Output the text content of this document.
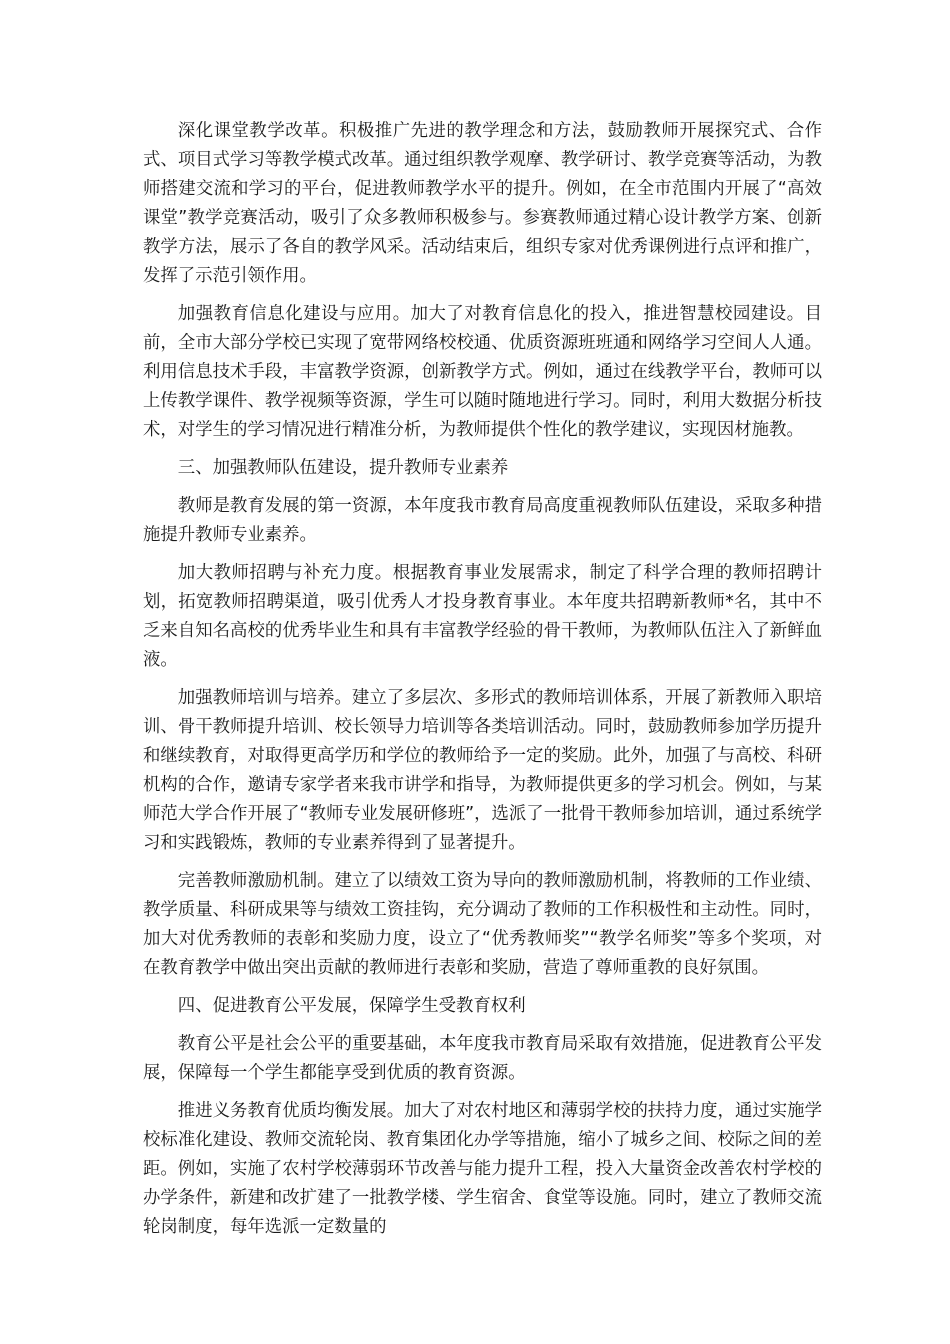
深化课堂教学改革。积极推广先进的教学理念和方法，鼓励教师开展探究式、合作式、项目式学习等教学模式改革。通过组织教学观摩、教学研讨、教学竞赛等活动，为教师搭建交流和学习的平台，促进教师教学水平的提升。例如，在全市范围内开展了“高效课堂”教学竞赛活动，吸引了众多教师积极参与。参赛教师通过精心设计教学方案、创新教学方法，展示了各自的教学风采。活动结束后，组织专家对优秀课例进行点评和推广，发挥了示范引领作用。

加强教育信息化建设与应用。加大了对教育信息化的投入，推进智慧校园建设。目前，全市大部分学校已实现了宽带网络校校通、优质资源班班通和网络学习空间人人通。利用信息技术手段，丰富教学资源，创新教学方式。例如，通过在线教学平台，教师可以上传教学课件、教学视频等资源，学生可以随时随地进行学习。同时，利用大数据分析技术，对学生的学习情况进行精准分析，为教师提供个性化的教学建议，实现因材施教。

三、加强教师队伍建设，提升教师专业素养

教师是教育发展的第一资源，本年度我市教育局高度重视教师队伍建设，采取多种措施提升教师专业素养。

加大教师招聘与补充力度。根据教育事业发展需求，制定了科学合理的教师招聘计划，拓宽教师招聘渠道，吸引优秀人才投身教育事业。本年度共招聘新教师*名，其中不乏来自知名高校的优秀毕业生和具有丰富教学经验的骨干教师，为教师队伍注入了新鲜血液。

加强教师培训与培养。建立了多层次、多形式的教师培训体系，开展了新教师入职培训、骨干教师提升培训、校长领导力培训等各类培训活动。同时，鼓励教师参加学历提升和继续教育，对取得更高学历和学位的教师给予一定的奖励。此外，加强了与高校、科研机构的合作，邀请专家学者来我市讲学和指导，为教师提供更多的学习机会。例如，与某师范大学合作开展了“教师专业发展研修班”，选派了一批骨干教师参加培训，通过系统学习和实践锻炼，教师的专业素养得到了显著提升。

完善教师激励机制。建立了以绩效工资为导向的教师激励机制，将教师的工作业绩、教学质量、科研成果等与绩效工资挂钩，充分调动了教师的工作积极性和主动性。同时，加大对优秀教师的表彰和奖励力度，设立了“优秀教师奖”“教学名师奖”等多个奖项，对在教育教学中做出突出贡献的教师进行表彰和奖励，营造了尊师重教的良好氛围。

四、促进教育公平发展，保障学生受教育权利

教育公平是社会公平的重要基础，本年度我市教育局采取有效措施，促进教育公平发展，保障每一个学生都能享受到优质的教育资源。

推进义务教育优质均衡发展。加大了对农村地区和薄弱学校的扶持力度，通过实施学校标准化建设、教师交流轮岗、教育集团化办学等措施，缩小了城乡之间、校际之间的差距。例如，实施了农村学校薄弱环节改善与能力提升工程，投入大量资金改善农村学校的办学条件，新建和改扩建了一批教学楼、学生宿舍、食堂等设施。同时，建立了教师交流轮岗制度，每年选派一定数量的
